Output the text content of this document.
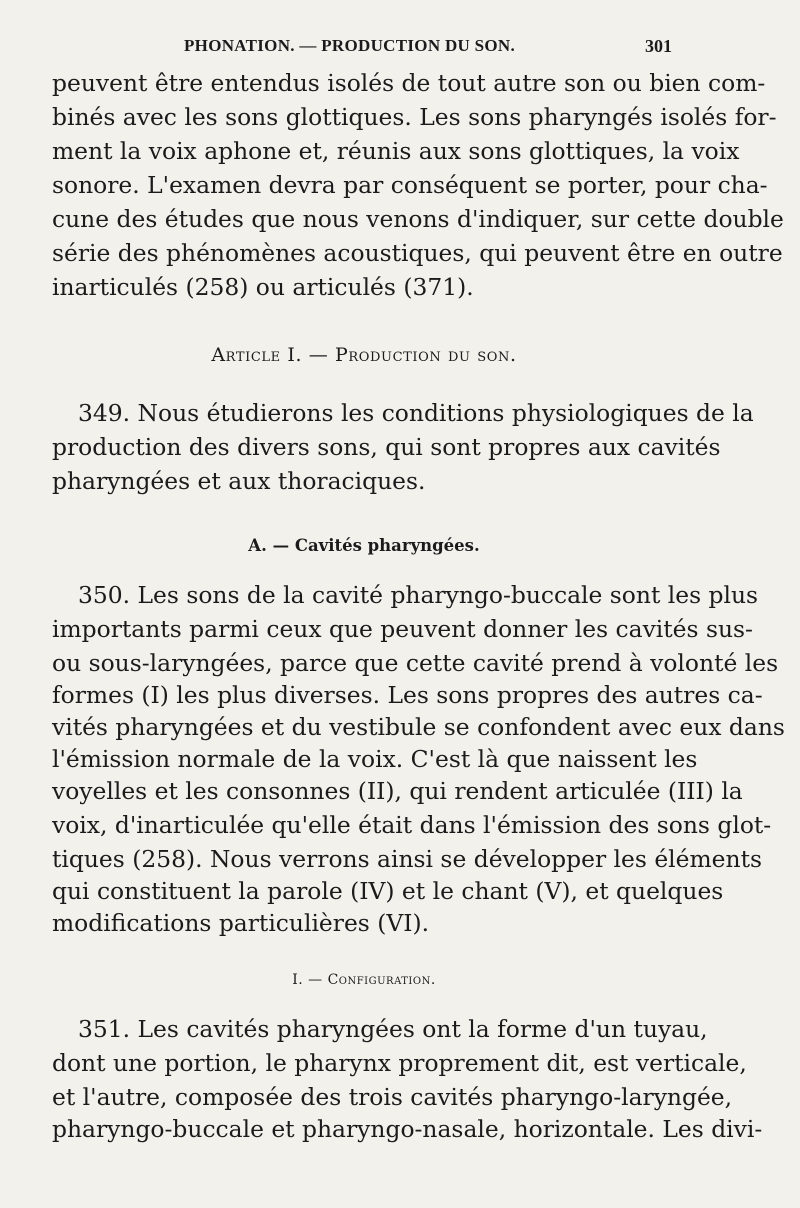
PHONATION. — PRODUCTION DU SON.	301
peuvent être entendus isolés de tout autre son ou bien com-
binés avec les sons glottiques. Les sons pharyngés isolés for-
ment la voix aphone et, réunis aux sons glottiques, la voix
sonore. L'examen devra par conséquent se porter, pour cha-
cune des études que nous venons d'indiquer, sur cette double
série des phénomènes acoustiques, qui peuvent être en outre
inarticulés (258) ou articulés (371).
Article I. — Production du son.
349. Nous étudierons les conditions physiologiques de la
production des divers sons, qui sont propres aux cavités
pharyngées et aux thoraciques.
A. — Cavités pharyngées.
350. Les sons de la cavité pharyngo-buccale sont les plus
importants parmi ceux que peuvent donner les cavités sus-
ou sous-laryngées, parce que cette cavité prend à volonté les
formes (I) les plus diverses. Les sons propres des autres ca-
vités pharyngées et du vestibule se confondent avec eux dans
l'émission normale de la voix. C'est là que naissent les
voyelles et les consonnes (II), qui rendent articulée (III) la
voix, d'inarticulée qu'elle était dans l'émission des sons glot-
tiques (258). Nous verrons ainsi se développer les éléments
qui constituent la parole (IV) et le chant (V), et quelques
modifications particulières (VI).
I. — Configuration.
351. Les cavités pharyngées ont la forme d'un tuyau,
dont une portion, le pharynx proprement dit, est verticale,
et l'autre, composée des trois cavités pharyngo-laryngée,
pharyngo-buccale et pharyngo-nasale, horizontale. Les divi-
